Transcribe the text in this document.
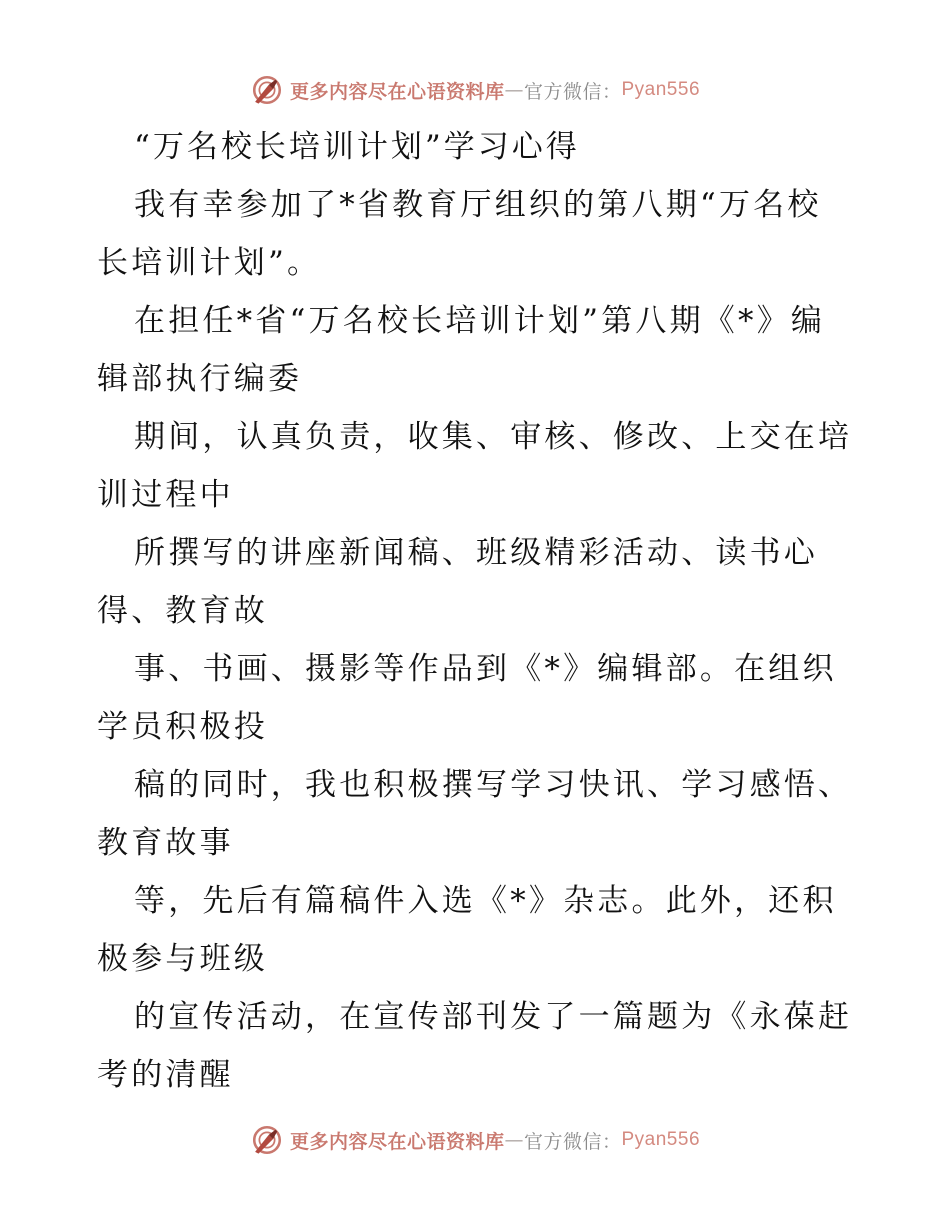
更多内容尽在心语资料库 — 官方微信： Pyan556
“万名校长培训计划”学习心得
我有幸参加了*省教育厅组织的第八期“万名校
长培训计划”。
在担任*省“万名校长培训计划”第八期《*》编
辑部执行编委
期间，认真负责，收集、审核、修改、上交在培
训过程中
所撰写的讲座新闻稿、班级精彩活动、读书心
得、教育故
事、书画、摄影等作品到《*》编辑部。在组织
学员积极投
稿的同时，我也积极撰写学习快讯、学习感悟、
教育故事
等，先后有篇稿件入选《*》杂志。此外，还积
极参与班级
的宣传活动，在宣传部刊发了一篇题为《永葆赶
考的清醒
更多内容尽在心语资料库 — 官方微信： Pyan556
